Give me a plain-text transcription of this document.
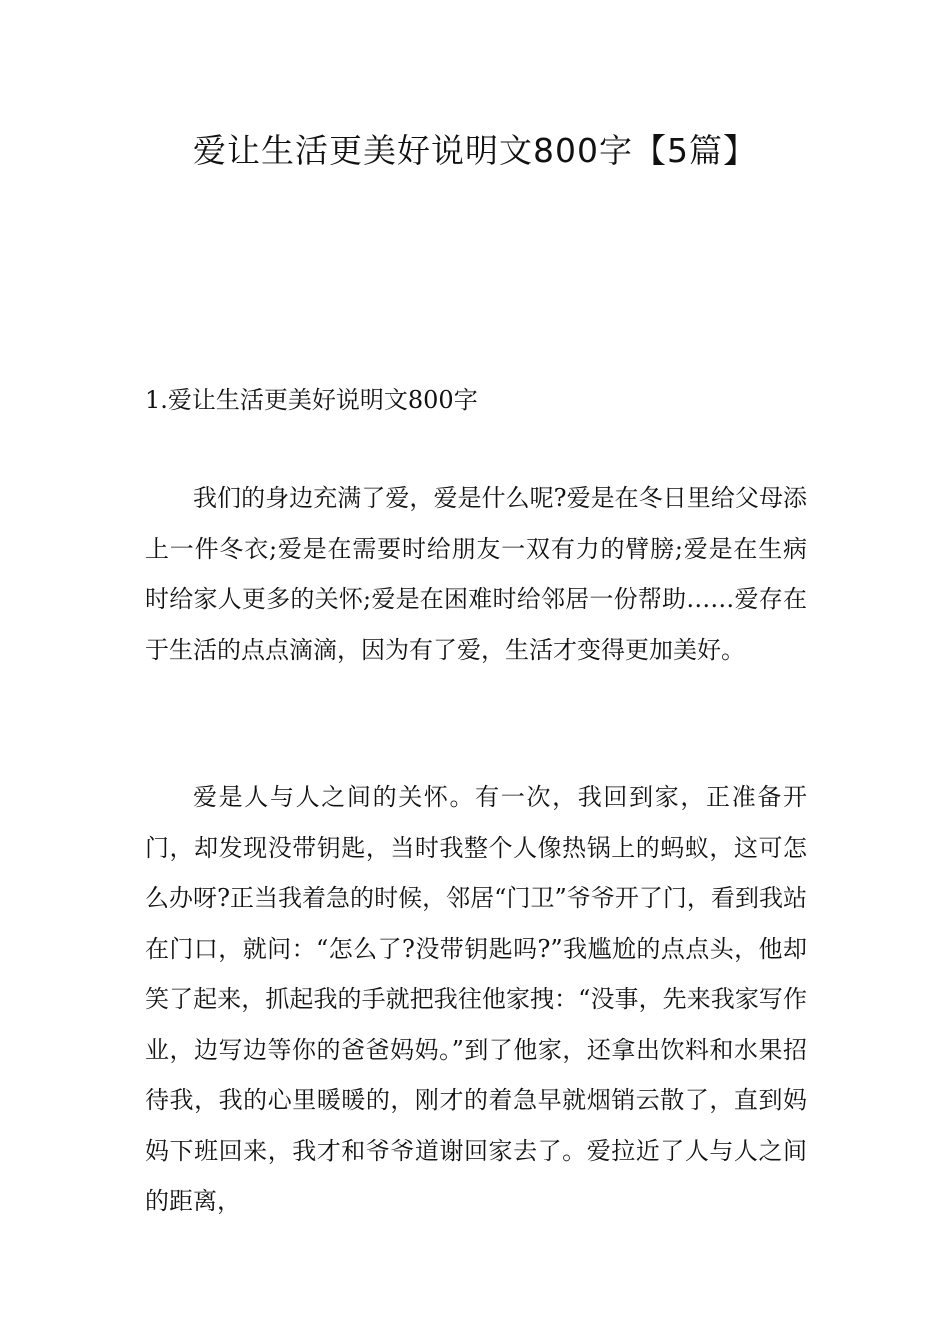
爱让生活更美好说明文800字【5篇】
1.爱让生活更美好说明文800字

我们的身边充满了爱，爱是什么呢?爱是在冬日里给父母添上一件冬衣;爱是在需要时给朋友一双有力的臂膀;爱是在生病时给家人更多的关怀;爱是在困难时给邻居一份帮助……爱存在于生活的点点滴滴，因为有了爱，生活才变得更加美好。

爱是人与人之间的关怀。有一次，我回到家，正准备开门，却发现没带钥匙，当时我整个人像热锅上的蚂蚁，这可怎么办呀?正当我着急的时候，邻居“门卫”爷爷开了门，看到我站在门口，就问：“怎么了?没带钥匙吗?”我尴尬的点点头，他却笑了起来，抓起我的手就把我往他家拽：“没事，先来我家写作业，边写边等你的爸爸妈妈。”到了他家，还拿出饮料和水果招待我，我的心里暖暖的，刚才的着急早就烟销云散了，直到妈妈下班回来，我才和爷爷道谢回家去了。爱拉近了人与人之间的距离，
